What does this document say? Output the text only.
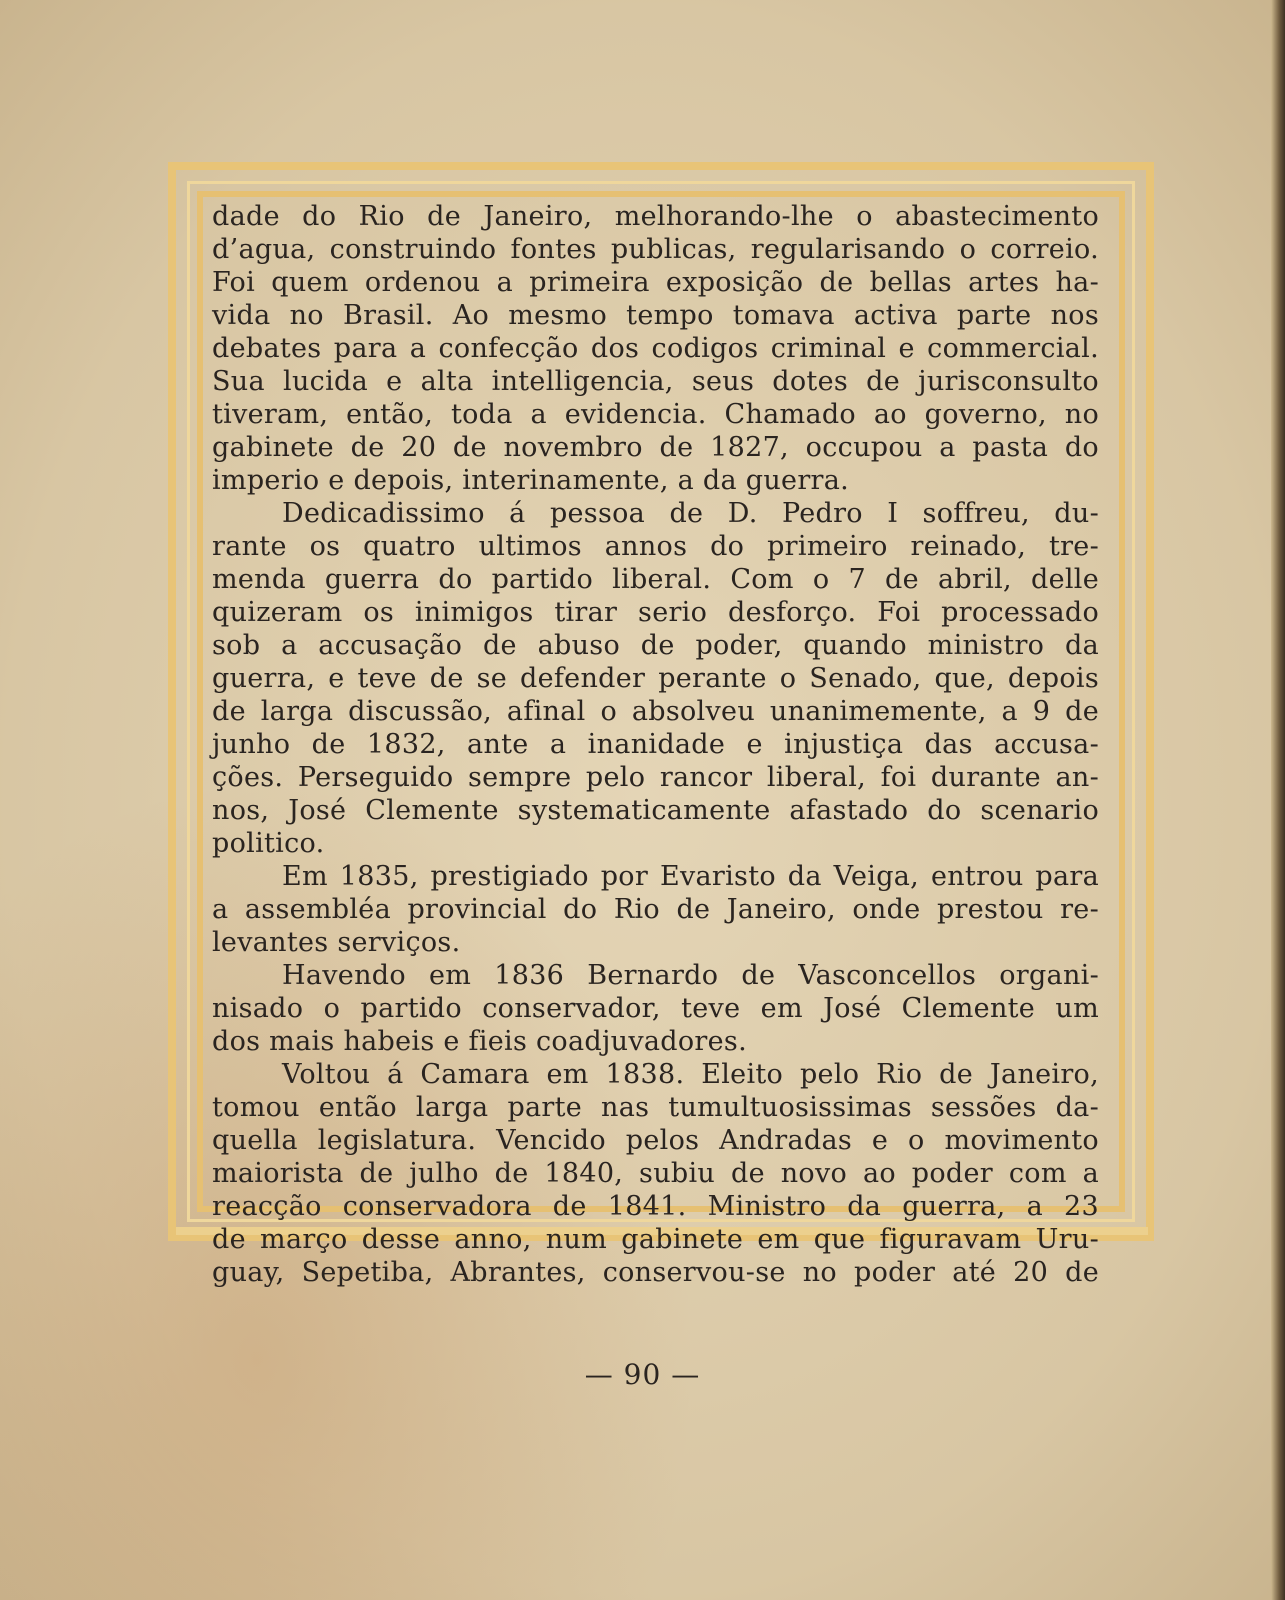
dade do Rio de Janeiro, melhorando-lhe o abastecimento
d’agua, construindo fontes publicas, regularisando o correio.
Foi quem ordenou a primeira exposição de bellas artes ha-
vida no Brasil. Ao mesmo tempo tomava activa parte nos
debates para a confecção dos codigos criminal e commercial.
Sua lucida e alta intelligencia, seus dotes de jurisconsulto
tiveram, então, toda a evidencia. Chamado ao governo, no
gabinete de 20 de novembro de 1827, occupou a pasta do
imperio e depois, interinamente, a da guerra.
Dedicadissimo á pessoa de D. Pedro I soffreu, du-
rante os quatro ultimos annos do primeiro reinado, tre-
menda guerra do partido liberal. Com o 7 de abril, delle
quizeram os inimigos tirar serio desforço. Foi processado
sob a accusação de abuso de poder, quando ministro da
guerra, e teve de se defender perante o Senado, que, depois
de larga discussão, afinal o absolveu unanimemente, a 9 de
junho de 1832, ante a inanidade e injustiça das accusa-
ções. Perseguido sempre pelo rancor liberal, foi durante an-
nos, José Clemente systematicamente afastado do scenario
politico.
Em 1835, prestigiado por Evaristo da Veiga, entrou para
a assembléa provincial do Rio de Janeiro, onde prestou re-
levantes serviços.
Havendo em 1836 Bernardo de Vasconcellos organi-
nisado o partido conservador, teve em José Clemente um
dos mais habeis e fieis coadjuvadores.
Voltou á Camara em 1838. Eleito pelo Rio de Janeiro,
tomou então larga parte nas tumultuosissimas sessões da-
quella legislatura. Vencido pelos Andradas e o movimento
maiorista de julho de 1840, subiu de novo ao poder com a
reacção conservadora de 1841. Ministro da guerra, a 23
de março desse anno, num gabinete em que figuravam Uru-
guay, Sepetiba, Abrantes, conservou-se no poder até 20 de
— 90 —
